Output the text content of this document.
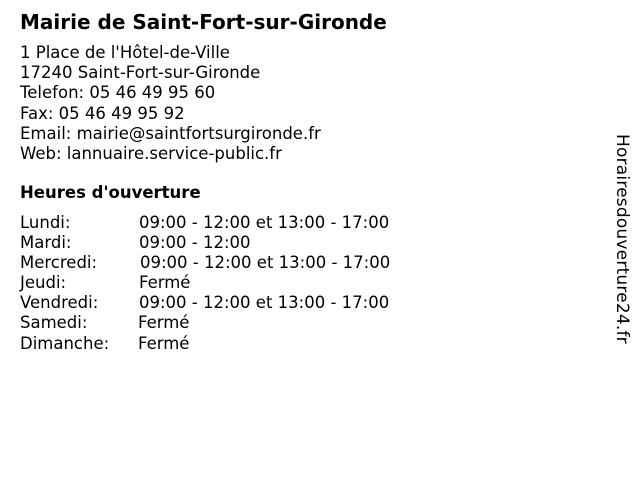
Mairie de Saint-Fort-sur-Gironde
1 Place de l'Hôtel-de-Ville
17240 Saint-Fort-sur-Gironde
Telefon: 05 46 49 95 60
Fax: 05 46 49 95 92
Email: mairie@saintfortsurgironde.fr
Web: lannuaire.service-public.fr
Heures d'ouverture
Lundi:	09:00 - 12:00 et 13:00 - 17:00
Mardi:	09:00 - 12:00
Mercredi:	09:00 - 12:00 et 13:00 - 17:00
Jeudi:	Fermé
Vendredi: 09:00 - 12:00 et 13:00 - 17:00
Samedi:	Fermé
Dimanche: Fermé	Horairesdouverture24.fr
